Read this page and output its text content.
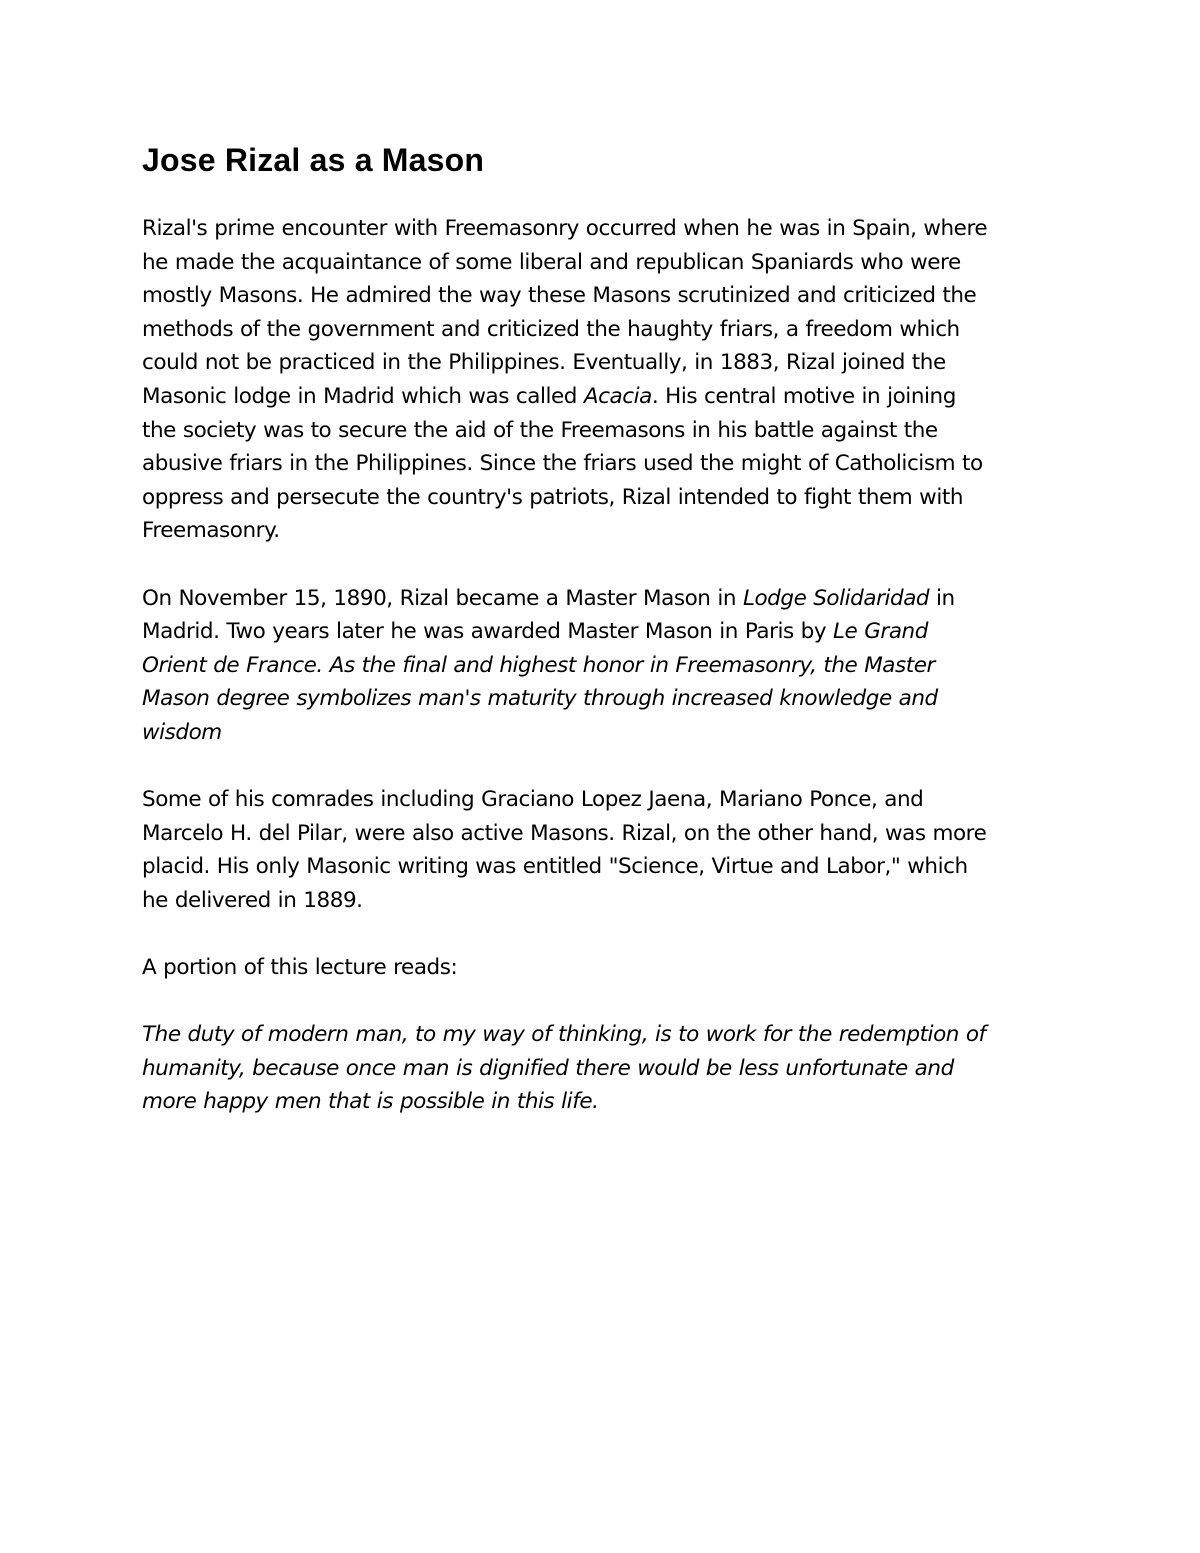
Jose Rizal as a Mason

Rizal's prime encounter with Freemasonry occurred when he was in Spain, where
he made the acquaintance of some liberal and republican Spaniards who were
mostly Masons. He admired the way these Masons scrutinized and criticized the
methods of the government and criticized the haughty friars, a freedom which
could not be practiced in the Philippines. Eventually, in 1883, Rizal joined the
Masonic lodge in Madrid which was called Acacia. His central motive in joining
the society was to secure the aid of the Freemasons in his battle against the
abusive friars in the Philippines. Since the friars used the might of Catholicism to
oppress and persecute the country's patriots, Rizal intended to fight them with
Freemasonry.

On November 15, 1890, Rizal became a Master Mason in Lodge Solidaridad in
Madrid. Two years later he was awarded Master Mason in Paris by Le Grand
Orient de France. As the final and highest honor in Freemasonry, the Master
Mason degree symbolizes man's maturity through increased knowledge and
wisdom

Some of his comrades including Graciano Lopez Jaena, Mariano Ponce, and
Marcelo H. del Pilar, were also active Masons. Rizal, on the other hand, was more
placid. His only Masonic writing was entitled "Science, Virtue and Labor," which
he delivered in 1889.

A portion of this lecture reads:

The duty of modern man, to my way of thinking, is to work for the redemption of
humanity, because once man is dignified there would be less unfortunate and
more happy men that is possible in this life.
